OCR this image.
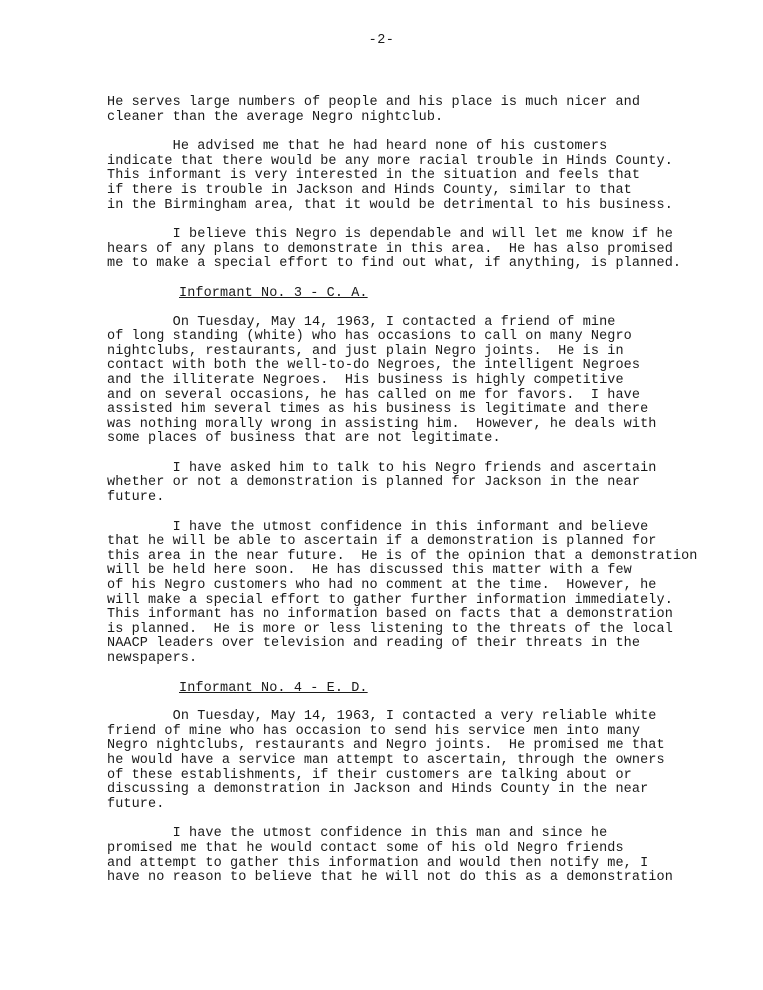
-2-

He serves large numbers of people and his place is much nicer and
cleaner than the average Negro nightclub.

He advised me that he had heard none of his customers
indicate that there would be any more racial trouble in Hinds County.
This informant is very interested in the situation and feels that
if there is trouble in Jackson and Hinds County, similar to that
in the Birmingham area, that it would be detrimental to his business.

I believe this Negro is dependable and will let me know if he
hears of any plans to demonstrate in this area.  He has also promised
me to make a special effort to find out what, if anything, is planned.

Informant No. 3 - C. A.

On Tuesday, May 14, 1963, I contacted a friend of mine
of long standing (white) who has occasions to call on many Negro
nightclubs, restaurants, and just plain Negro joints.  He is in
contact with both the well-to-do Negroes, the intelligent Negroes
and the illiterate Negroes.  His business is highly competitive
and on several occasions, he has called on me for favors.  I have
assisted him several times as his business is legitimate and there
was nothing morally wrong in assisting him.  However, he deals with
some places of business that are not legitimate.

I have asked him to talk to his Negro friends and ascertain
whether or not a demonstration is planned for Jackson in the near
future.

I have the utmost confidence in this informant and believe
that he will be able to ascertain if a demonstration is planned for
this area in the near future.  He is of the opinion that a demonstration
will be held here soon.  He has discussed this matter with a few
of his Negro customers who had no comment at the time.  However, he
will make a special effort to gather further information immediately.
This informant has no information based on facts that a demonstration
is planned.  He is more or less listening to the threats of the local
NAACP leaders over television and reading of their threats in the
newspapers.

Informant No. 4 - E. D.

On Tuesday, May 14, 1963, I contacted a very reliable white
friend of mine who has occasion to send his service men into many
Negro nightclubs, restaurants and Negro joints.  He promised me that
he would have a service man attempt to ascertain, through the owners
of these establishments, if their customers are talking about or
discussing a demonstration in Jackson and Hinds County in the near
future.

I have the utmost confidence in this man and since he
promised me that he would contact some of his old Negro friends
and attempt to gather this information and would then notify me, I
have no reason to believe that he will not do this as a demonstration
